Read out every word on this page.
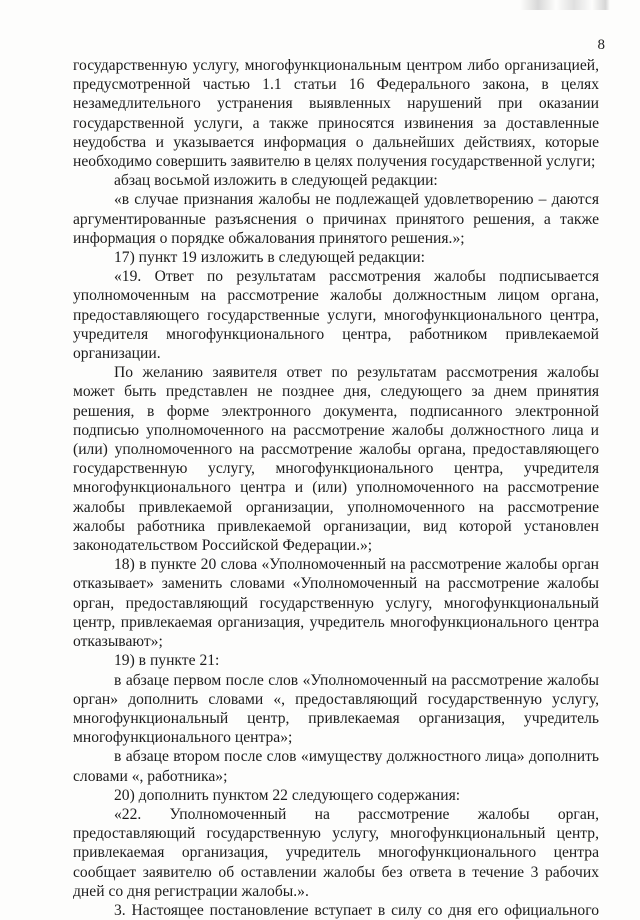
8

государственную услугу, многофункциональным центром либо организацией, предусмотренной частью 1.1 статьи 16 Федерального закона, в целях незамедлительного устранения выявленных нарушений при оказании государственной услуги, а также приносятся извинения за доставленные неудобства и указывается информация о дальнейших действиях, которые необходимо совершить заявителю в целях получения государственной услуги;

абзац восьмой изложить в следующей редакции:

«в случае признания жалобы не подлежащей удовлетворению – даются аргументированные разъяснения о причинах принятого решения, а также информация о порядке обжалования принятого решения.»;

17) пункт 19 изложить в следующей редакции:

«19. Ответ по результатам рассмотрения жалобы подписывается уполномоченным на рассмотрение жалобы должностным лицом органа, предоставляющего государственные услуги, многофункционального центра, учредителя многофункционального центра, работником привлекаемой организации.

По желанию заявителя ответ по результатам рассмотрения жалобы может быть представлен не позднее дня, следующего за днем принятия решения, в форме электронного документа, подписанного электронной подписью уполномоченного на рассмотрение жалобы должностного лица и (или) уполномоченного на рассмотрение жалобы органа, предоставляющего государственную услугу, многофункционального центра, учредителя многофункционального центра и (или) уполномоченного на рассмотрение жалобы привлекаемой организации, уполномоченного на рассмотрение жалобы работника привлекаемой организации, вид которой установлен законодательством Российской Федерации.»;

18) в пункте 20 слова «Уполномоченный на рассмотрение жалобы орган отказывает» заменить словами «Уполномоченный на рассмотрение жалобы орган, предоставляющий государственную услугу, многофункциональный центр, привлекаемая организация, учредитель многофункционального центра отказывают»;

19) в пункте 21:

в абзаце первом после слов «Уполномоченный на рассмотрение жалобы орган» дополнить словами «, предоставляющий государственную услугу, многофункциональный центр, привлекаемая организация, учредитель многофункционального центра»;

в абзаце втором после слов «имуществу должностного лица» дополнить словами «, работника»;

20) дополнить пунктом 22 следующего содержания:

«22. Уполномоченный на рассмотрение жалобы орган, предоставляющий государственную услугу, многофункциональный центр, привлекаемая организация, учредитель многофункционального центра сообщает заявителю об оставлении жалобы без ответа в течение 3 рабочих дней со дня регистрации жалобы.».

3. Настоящее постановление вступает в силу со дня его официального
